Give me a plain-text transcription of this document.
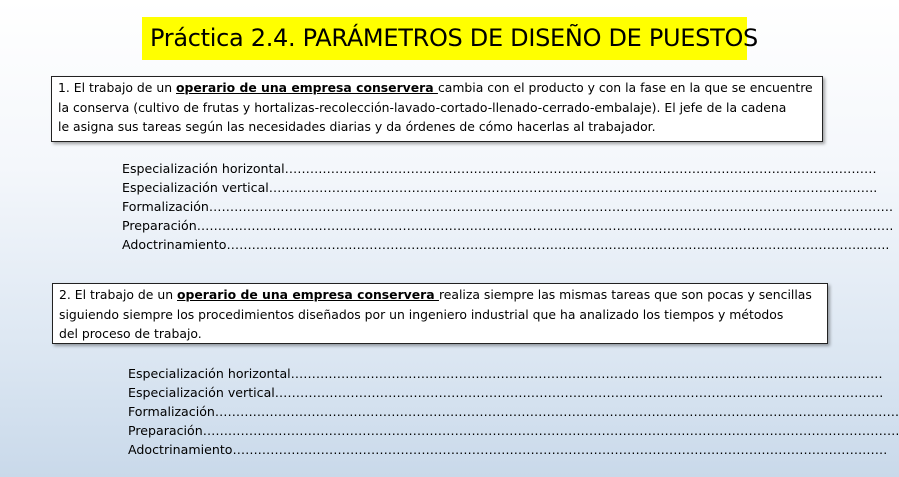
Práctica 2.4. PARÁMETROS DE DISEÑO DE PUESTOS
1. El trabajo de un operario de una empresa conservera cambia con el producto y con la fase en la que se encuentre
la conserva (cultivo de frutas y hortalizas-recolección-lavado-cortado-llenado-cerrado-embalaje). El jefe de la cadena
le asigna sus tareas según las necesidades diarias y da órdenes de cómo hacerlas al trabajador.
Especialización horizontal……………………………………………………………………………………………………………………………
Especialización vertical……………………………………………………………………………………………………………………………….
Formalización……………………………………………………………………………………………………………………………………………….
Preparación………………………………………………………………………………………………………………………………………………….
Adoctrinamiento…………………………………………………………………………………………………………………………………………..
2. El trabajo de un operario de una empresa conservera realiza siempre las mismas tareas que son pocas y sencillas
siguiendo siempre los procedimientos diseñados por un ingeniero industrial que ha analizado los tiempos y métodos
del proceso de trabajo.
Especialización horizontal……………………………………………………………………………………………………………………………
Especialización vertical……………………………………………………………………………………………………………………………….
Formalización……………………………………………………………………………………………………………………………………………….
Preparación………………………………………………………………………………………………………………………………………………….
Adoctrinamiento…………………………………………………………………………………………………………………………………………
